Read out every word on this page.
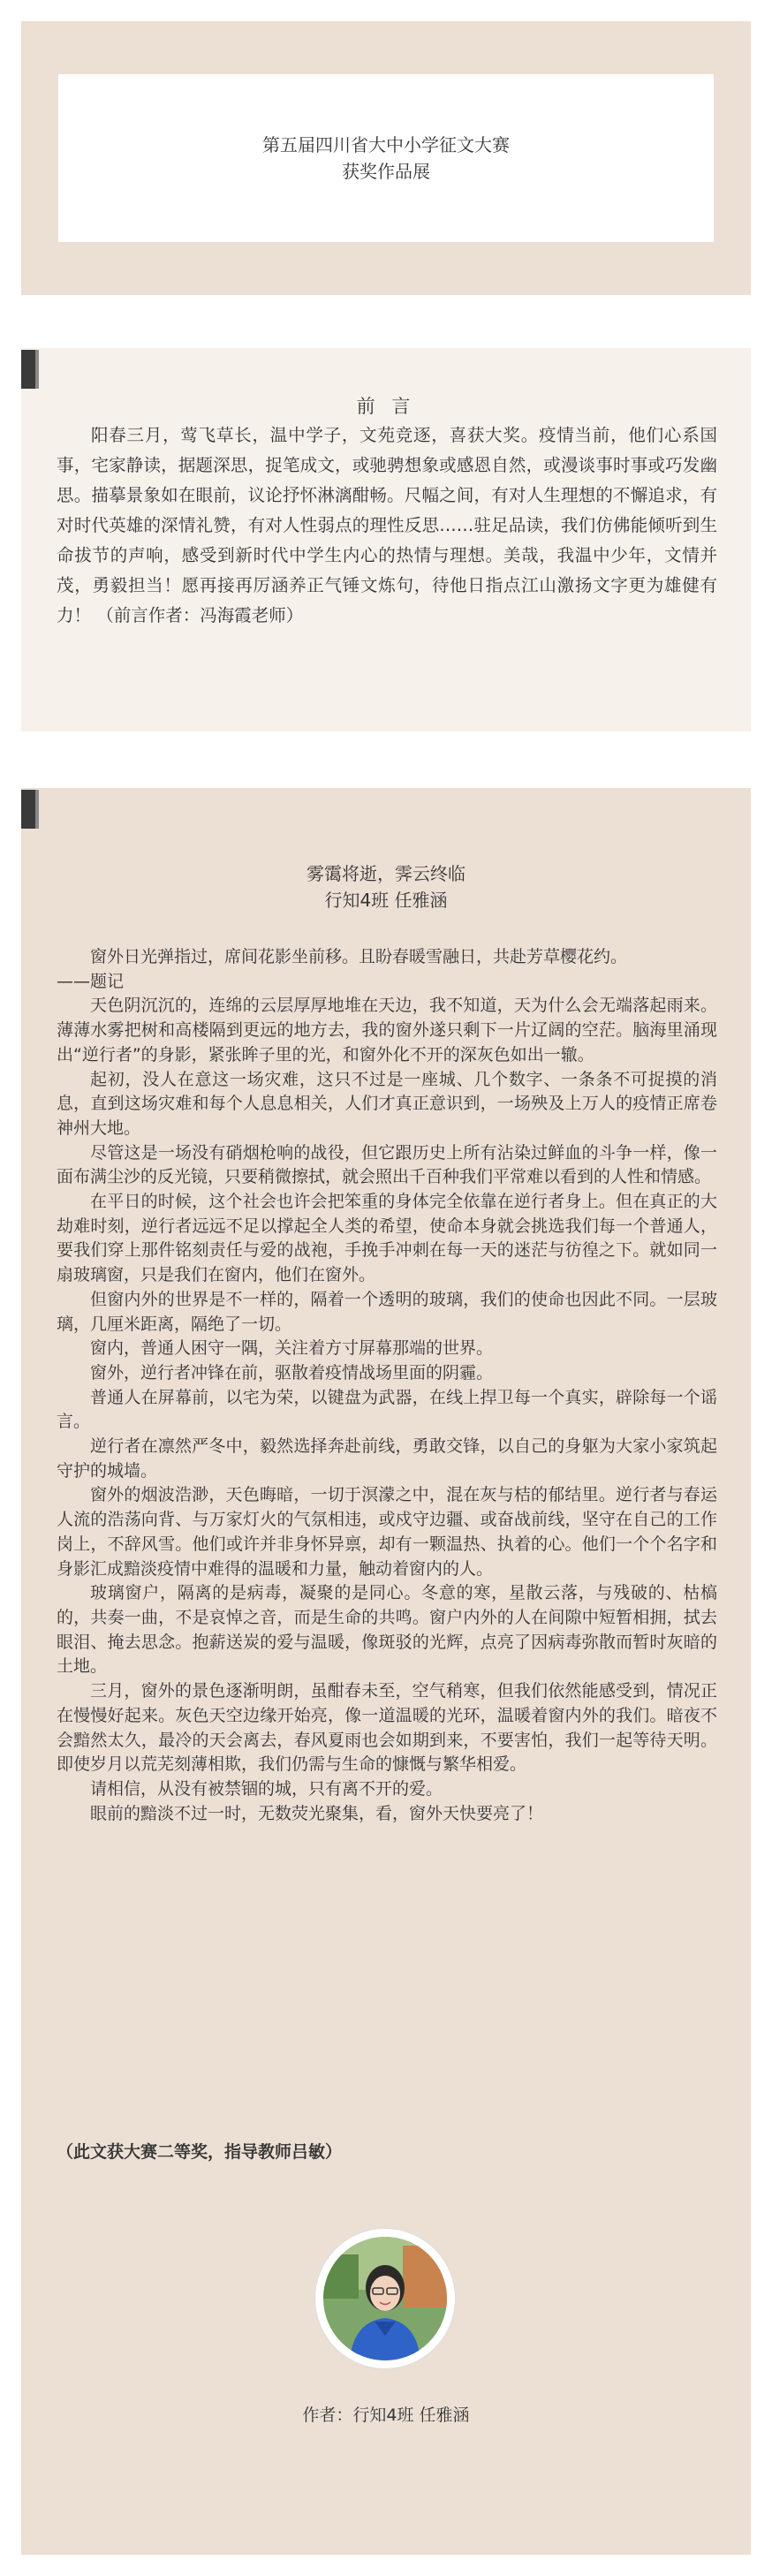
第五届四川省大中小学征文大赛
获奖作品展
前 言
阳春三月，莺飞草长，温中学子，文苑竞逐，喜获大奖。疫情当前，他们心系国事，宅家静读，据题深思，捉笔成文，或驰骋想象或感恩自然，或漫谈事时事或巧发幽思。描摹景象如在眼前，议论抒怀淋漓酣畅。尺幅之间，有对人生理想的不懈追求，有对时代英雄的深情礼赞，有对人性弱点的理性反思……驻足品读，我们仿佛能倾听到生命拔节的声响，感受到新时代中学生内心的热情与理想。美哉，我温中少年，文情并茂，勇毅担当！愿再接再厉涵养正气锤文炼句，待他日指点江山激扬文字更为雄健有力！ （前言作者：冯海霞老师）
雾霭将逝，霁云终临
行知4班 任雅涵

窗外日光弹指过，席间花影坐前移。且盼春暖雪融日，共赴芳草樱花约。

——题记

天色阴沉沉的，连绵的云层厚厚地堆在天边，我不知道，天为什么会无端落起雨来。薄薄水雾把树和高楼隔到更远的地方去，我的窗外遂只剩下一片辽阔的空茫。脑海里涌现出“逆行者”的身影，紧张眸子里的光，和窗外化不开的深灰色如出一辙。

起初，没人在意这一场灾难，这只不过是一座城、几个数字、一条条不可捉摸的消息，直到这场灾难和每个人息息相关，人们才真正意识到，一场殃及上万人的疫情正席卷神州大地。

尽管这是一场没有硝烟枪响的战役，但它跟历史上所有沾染过鲜血的斗争一样，像一面布满尘沙的反光镜，只要稍微擦拭，就会照出千百种我们平常难以看到的人性和情感。

在平日的时候，这个社会也许会把笨重的身体完全依靠在逆行者身上。但在真正的大劫难时刻，逆行者远远不足以撑起全人类的希望，使命本身就会挑选我们每一个普通人，要我们穿上那件铭刻责任与爱的战袍，手挽手冲刺在每一天的迷茫与彷徨之下。就如同一扇玻璃窗，只是我们在窗内，他们在窗外。

但窗内外的世界是不一样的，隔着一个透明的玻璃，我们的使命也因此不同。一层玻璃，几厘米距离，隔绝了一切。

窗内，普通人困守一隅，关注着方寸屏幕那端的世界。

窗外，逆行者冲锋在前，驱散着疫情战场里面的阴霾。

普通人在屏幕前，以宅为荣，以键盘为武器，在线上捍卫每一个真实，辟除每一个谣言。

逆行者在凛然严冬中，毅然选择奔赴前线，勇敢交锋，以自己的身躯为大家小家筑起守护的城墙。

窗外的烟波浩渺，天色晦暗，一切于溟濛之中，混在灰与桔的郁结里。逆行者与春运人流的浩荡向背、与万家灯火的气氛相违，或戍守边疆、或奋战前线，坚守在自己的工作岗上，不辞风雪。他们或许并非身怀异禀，却有一颗温热、执着的心。他们一个个名字和身影汇成黯淡疫情中难得的温暖和力量，触动着窗内的人。

玻璃窗户，隔离的是病毒，凝聚的是同心。冬意的寒，星散云落，与残破的、枯槁的，共奏一曲，不是哀悼之音，而是生命的共鸣。窗户内外的人在间隙中短暂相拥，拭去眼泪、掩去思念。抱薪送炭的爱与温暖，像斑驳的光辉，点亮了因病毒弥散而暂时灰暗的土地。

三月，窗外的景色逐渐明朗，虽酣春未至，空气稍寒，但我们依然能感受到，情况正在慢慢好起来。灰色天空边缘开始亮，像一道温暖的光环，温暖着窗内外的我们。暗夜不会黯然太久，最冷的天会离去，春风夏雨也会如期到来，不要害怕，我们一起等待天明。即使岁月以荒芜刻薄相欺，我们仍需与生命的慷慨与繁华相爱。

请相信，从没有被禁锢的城，只有离不开的爱。

眼前的黯淡不过一时，无数荧光聚集，看，窗外天快要亮了！

（此文获大赛二等奖，指导教师吕敏）
作者：行知4班 任雅涵
